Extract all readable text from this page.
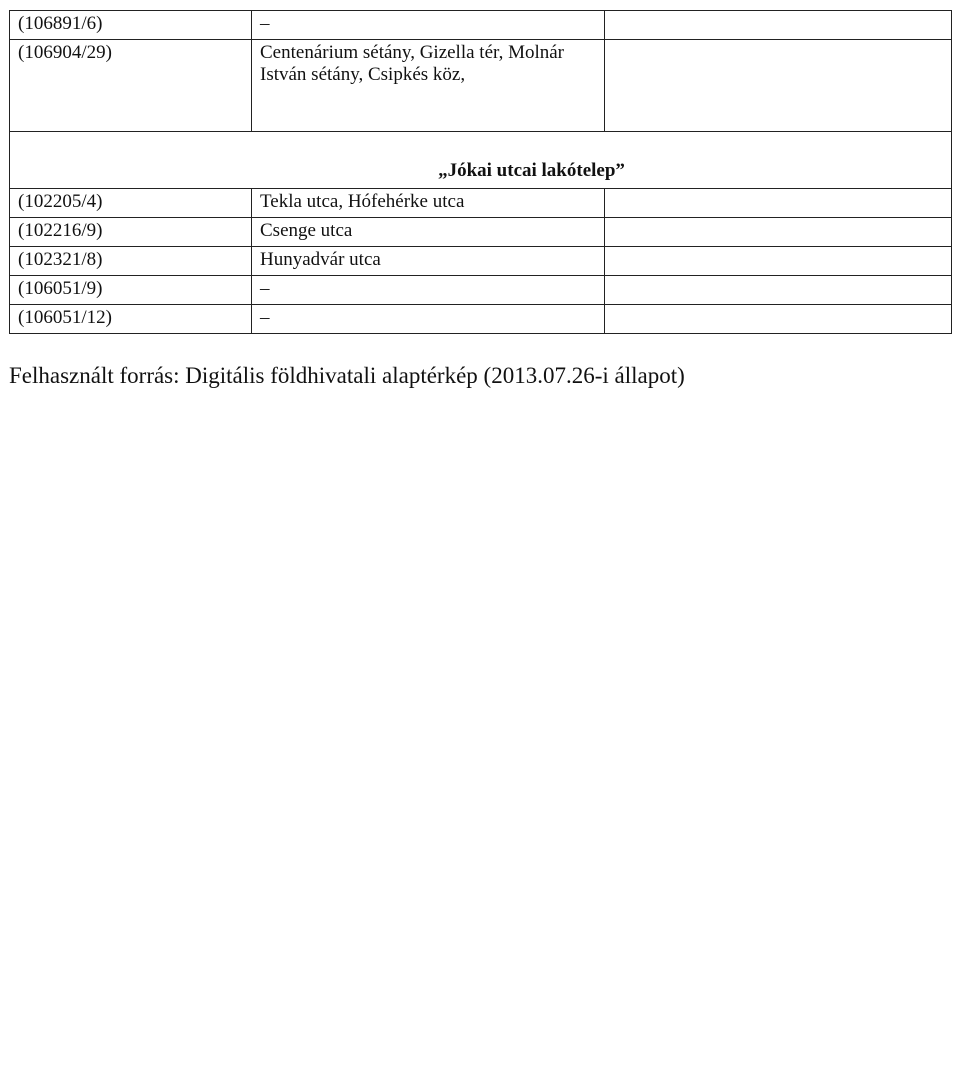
(106891/6)	–	
(106904/29)	Centenárium sétány, Gizella tér, Molnár István sétány, Csipkés köz,	
„Jókai utcai lakótelep”		
(102205/4)	Tekla utca, Hófehérke utca	
(102216/9)	Csenge utca	
(102321/8)	Hunyadvár utca	
(106051/9)	–	
(106051/12)	–	
Felhasznált forrás: Digitális földhivatali alaptérkép (2013.07.26-i állapot)
